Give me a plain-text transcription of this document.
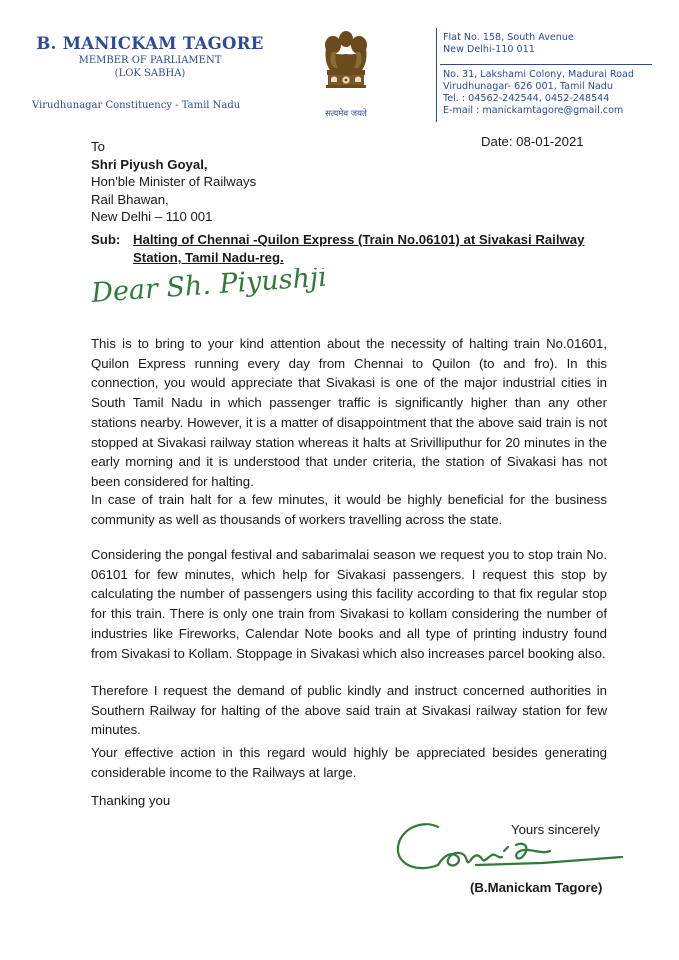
B. MANICKAM TAGORE
MEMBER OF PARLIAMENT
(LOK SABHA)
Virudhunagar Constituency - Tamil Nadu
सत्यमेव जयते
Flat No. 158, South Avenue
New Delhi-110 011
No. 31, Lakshami Colony, Madurai Road
Virudhunagar- 626 001, Tamil Nadu
Tel. : 04562-242544, 0452-248544
E-mail : manickamtagore@gmail.com
Date: 08-01-2021
To
Shri Piyush Goyal,
Hon'ble Minister of Railways
Rail Bhawan,
New Delhi – 110 001
Sub: Halting of Chennai -Quilon Express (Train No.06101) at Sivakasi Railway Station, Tamil Nadu-reg.
Dear Sh. Piyushji
This is to bring to your kind attention about the necessity of halting train No.01601, Quilon Express running every day from Chennai to Quilon (to and fro). In this connection, you would appreciate that Sivakasi is one of the major industrial cities in South Tamil Nadu in which passenger traffic is significantly higher than any other stations nearby. However, it is a matter of disappointment that the above said train is not stopped at Sivakasi railway station whereas it halts at Srivilliputhur for 20 minutes in the early morning and it is understood that under criteria, the station of Sivakasi has not been considered for halting.
In case of train halt for a few minutes, it would be highly beneficial for the business community as well as thousands of workers travelling across the state.
Considering the pongal festival and sabarimalai season we request you to stop train No. 06101 for few minutes, which help for Sivakasi passengers. I request this stop by calculating the number of passengers using this facility according to that fix regular stop for this train. There is only one train from Sivakasi to kollam considering the number of industries like Fireworks, Calendar Note books and all type of printing industry found from Sivakasi to Kollam. Stoppage in Sivakasi which also increases parcel booking also.
Therefore I request the demand of public kindly and instruct concerned authorities in Southern Railway for halting of the above said train at Sivakasi railway station for few minutes.
Your effective action in this regard would highly be appreciated besides generating considerable income to the Railways at large.
Thanking you
Yours sincerely
(B.Manickam Tagore)
